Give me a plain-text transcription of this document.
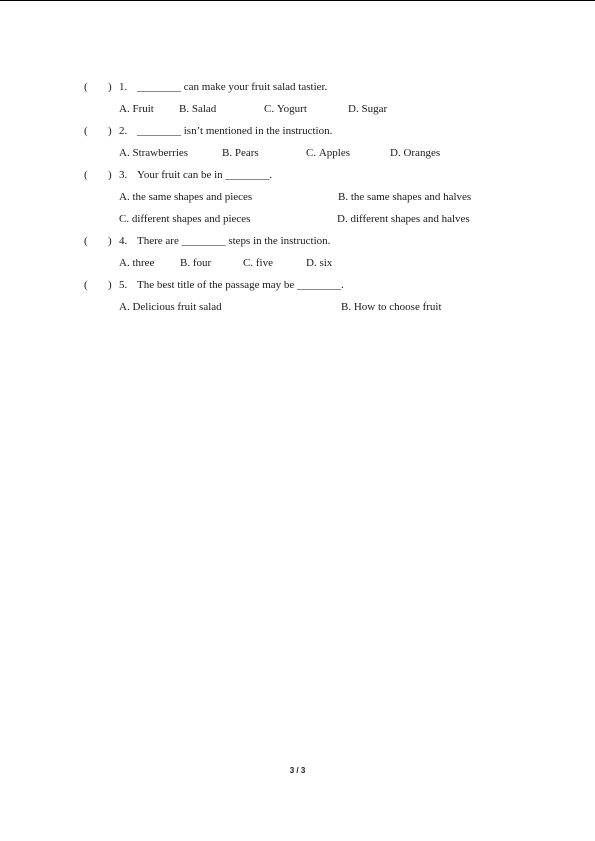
( ) 1. ________ can make your fruit salad tastier.
A. Fruit B. Salad	C. Yogurt	D. Sugar
( ) 2. ________ isn’t mentioned in the instruction.
A. Strawberries	B. Pears	C. Apples	D. Oranges
( ) 3. Your fruit can be in ________.
A. the same shapes and pieces	B. the same shapes and halves
C. different shapes and pieces	D. different shapes and halves
( ) 4. There are ________ steps in the instruction.
A. three B. four	C. five	D. six
( ) 5. The best title of the passage may be ________.
A. Delicious fruit salad	B. How to choose fruit
3 / 3
